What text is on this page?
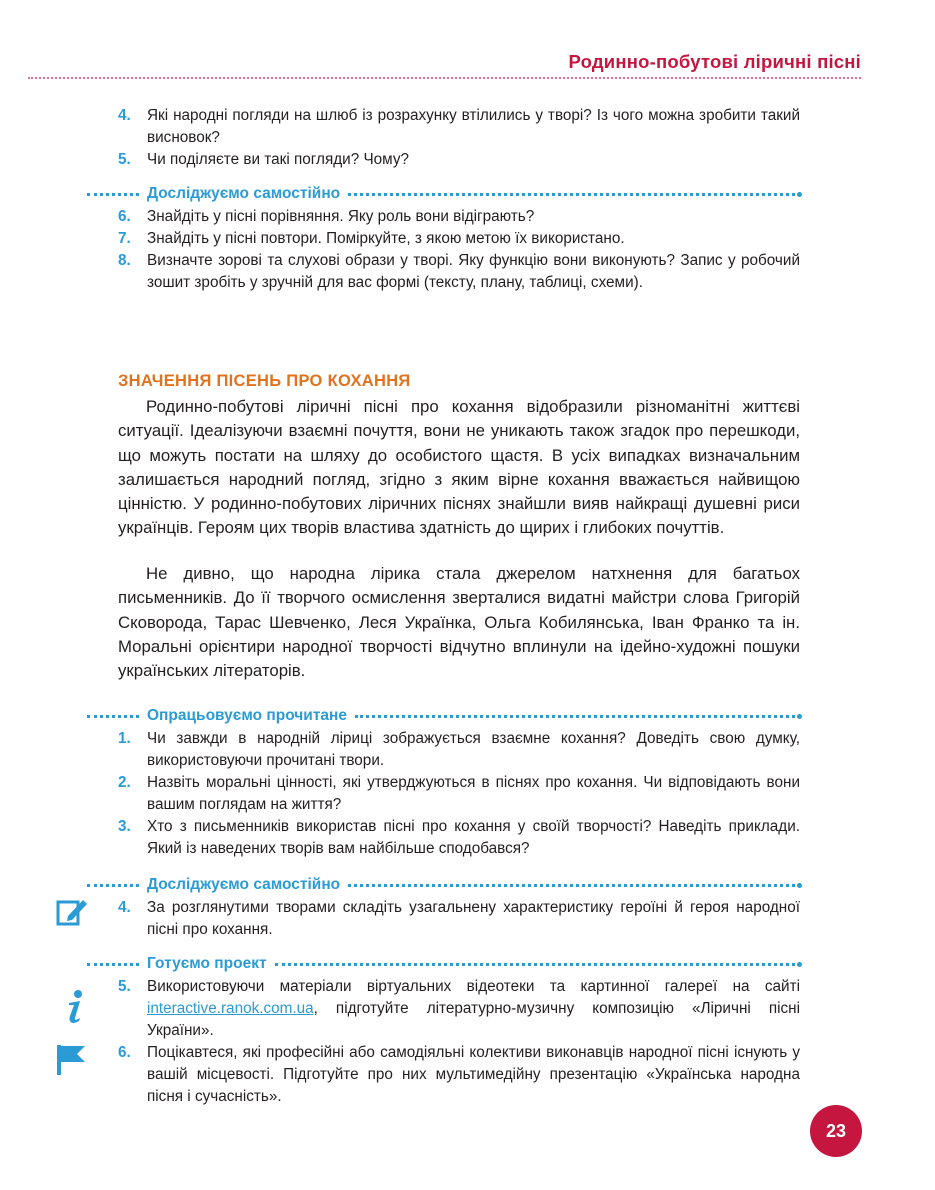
Родинно-побутові ліричні пісні
4. Які народні погляди на шлюб із розрахунку втілились у творі? Із чого можна зробити такий висновок?
5. Чи поділяєте ви такі погляди? Чому?
Досліджуємо самостійно
6. Знайдіть у пісні порівняння. Яку роль вони відіграють?
7. Знайдіть у пісні повтори. Поміркуйте, з якою метою їх використано.
8. Визначте зорові та слухові образи у творі. Яку функцію вони виконують? Запис у робочий зошит зробіть у зручній для вас формі (тексту, плану, таблиці, схеми).
ЗНАЧЕННЯ ПІСЕНЬ ПРО КОХАННЯ

Родинно-побутові ліричні пісні про кохання відобразили різноманітні життєві ситуації. Ідеалізуючи взаємні почуття, вони не уникають також згадок про перешкоди, що можуть постати на шляху до особистого щастя. В усіх випадках визначальним залишається народний погляд, згідно з яким вірне кохання вважається найвищою цінністю. У родинно-побутових ліричних піснях знайшли вияв найкращі душевні риси українців. Героям цих творів властива здатність до щирих і глибоких почуттів.

Не дивно, що народна лірика стала джерелом натхнення для багатьох письменників. До її творчого осмислення зверталися видатні майстри слова Григорій Сковорода, Тарас Шевченко, Леся Українка, Ольга Кобилянська, Іван Франко та ін. Моральні орієнтири народної творчості відчутно вплинули на ідейно-художні пошуки українських літераторів.

Опрацьовуємо прочитане
1. Чи завжди в народній ліриці зображується взаємне кохання? Доведіть свою думку, використовуючи прочитані твори.
2. Назвіть моральні цінності, які утверджуються в піснях про кохання. Чи відповідають вони вашим поглядам на життя?
3. Хто з письменників використав пісні про кохання у своїй творчості? Наведіть приклади. Який із наведених творів вам найбільше сподобався?
Досліджуємо самостійно
4. За розглянутими творами складіть узагальнену характеристику героїні й героя народної пісні про кохання.
Готуємо проект
5. Використовуючи матеріали віртуальних відеотеки та картинної галереї на сайті interactive.ranok.com.ua, підготуйте літературно-музичну композицію «Ліричні пісні України».
6. Поцікавтеся, які професійні або самодіяльні колективи виконавців народної пісні існують у вашій місцевості. Підготуйте про них мультимедійну презентацію «Українська народна пісня і сучасність».
23
